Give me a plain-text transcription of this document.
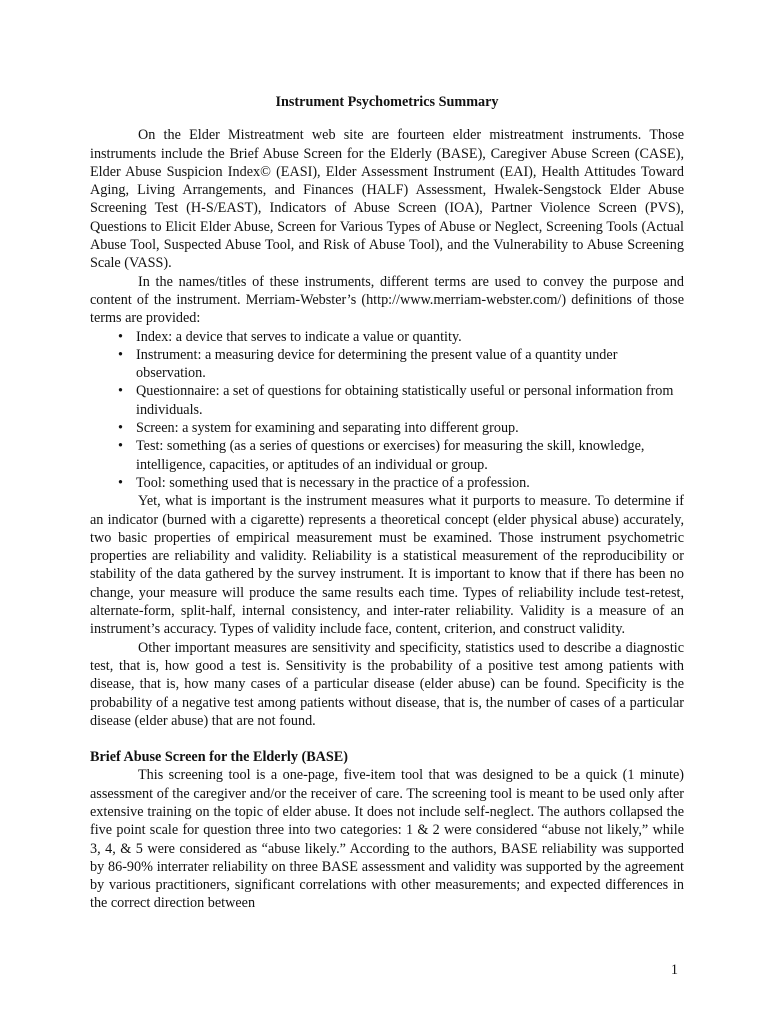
Instrument Psychometrics Summary

On the Elder Mistreatment web site are fourteen elder mistreatment instruments. Those instruments include the Brief Abuse Screen for the Elderly (BASE), Caregiver Abuse Screen (CASE), Elder Abuse Suspicion Index© (EASI), Elder Assessment Instrument (EAI), Health Attitudes Toward Aging, Living Arrangements, and Finances (HALF) Assessment, Hwalek-Sengstock Elder Abuse Screening Test (H-S/EAST), Indicators of Abuse Screen (IOA), Partner Violence Screen (PVS), Questions to Elicit Elder Abuse, Screen for Various Types of Abuse or Neglect, Screening Tools (Actual Abuse Tool, Suspected Abuse Tool, and Risk of Abuse Tool), and the Vulnerability to Abuse Screening Scale (VASS).

In the names/titles of these instruments, different terms are used to convey the purpose and content of the instrument. Merriam-Webster’s (http://www.merriam-webster.com/) definitions of those terms are provided:

• Index: a device that serves to indicate a value or quantity.
• Instrument: a measuring device for determining the present value of a quantity under observation.
• Questionnaire: a set of questions for obtaining statistically useful or personal information from individuals.
• Screen: a system for examining and separating into different group.
• Test: something (as a series of questions or exercises) for measuring the skill, knowledge, intelligence, capacities, or aptitudes of an individual or group.
• Tool: something used that is necessary in the practice of a profession.

Yet, what is important is the instrument measures what it purports to measure. To determine if an indicator (burned with a cigarette) represents a theoretical concept (elder physical abuse) accurately, two basic properties of empirical measurement must be examined. Those instrument psychometric properties are reliability and validity. Reliability is a statistical measurement of the reproducibility or stability of the data gathered by the survey instrument. It is important to know that if there has been no change, your measure will produce the same results each time. Types of reliability include test-retest, alternate-form, split-half, internal consistency, and inter-rater reliability. Validity is a measure of an instrument’s accuracy. Types of validity include face, content, criterion, and construct validity.

Other important measures are sensitivity and specificity, statistics used to describe a diagnostic test, that is, how good a test is. Sensitivity is the probability of a positive test among patients with disease, that is, how many cases of a particular disease (elder abuse) can be found. Specificity is the probability of a negative test among patients without disease, that is, the number of cases of a particular disease (elder abuse) that are not found.

Brief Abuse Screen for the Elderly (BASE)

This screening tool is a one-page, five-item tool that was designed to be a quick (1 minute) assessment of the caregiver and/or the receiver of care. The screening tool is meant to be used only after extensive training on the topic of elder abuse. It does not include self-neglect. The authors collapsed the five point scale for question three into two categories: 1 & 2 were considered “abuse not likely,” while 3, 4, & 5 were considered as “abuse likely.” According to the authors, BASE reliability was supported by 86-90% interrater reliability on three BASE assessment and validity was supported by the agreement by various practitioners, significant correlations with other measurements; and expected differences in the correct direction between

1
